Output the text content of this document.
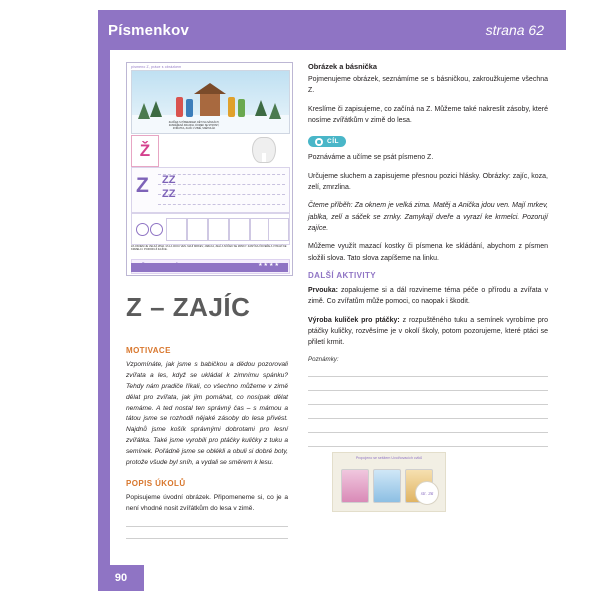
Písmenkov	strana 62
90
písmeno Z, práce s obrázkem
ZAJÍČEK S PÍSMENKEM, DĚTI NA SÁNKÁCH, ZASNĚŽENÁ KRAJINA, DOMEK SE STROMY, ZVÍŘATKA, ZAJÍC V ZIMĚ, SNĚHULÁK
Ž
Z ZZ
ZZ
ZA OKNEM JE VELKÁ ZIMA. M A A JDOU VEN. MAJÍ MRKEV, JABLKA, ZELÍ A SÓČEK SE ZRNKY. ZAMÝKAJÍ DVEŘE A VYRAZÍ KE KRMELCI. POZORUJÍ ZAJÍCE.
★★★★
Z – ZAJÍC
MOTIVACE

Vzpomínáte, jak jsme s babičkou a dědou pozorovali zvířata a les, když se ukládal k zimnímu spánku? Tehdy nám pradiče říkali, co všechno můžeme v zimě dělat pro zvířata, jak jim pomáhat, co nosípak dělat nemáme. A ted nostal ten správný čas – s mámou a tátou jsme se rozhodli nějaké zásoby do lesa přivést. Najdnů jsme košík správnými dobrotami pro lesní zvířátka. Také jsme vyrobili pro ptáčky kuličky z tuku a semínek. Pořádně jsme se oblékli a obuli si dobré boty, protože všude byl sníh, a vydali se směrem k lesu.

POPIS ÚKOLŮ

Popisujeme úvodní obrázek. Připomeneme si, co je a není vhodné nosit zvířátkům do lesa v zimě.

Obrázek a básnička

Pojmenujeme obrázek, seznámíme se s básničkou, zakroužkujeme všechna Z.

Kreslíme či zapisujeme, co začíná na Z. Můžeme také nakreslit zásoby, které nosíme zvířátkům v zimě do lesa.

CÍL

Poznáváme a učíme se psát písmeno Z.

Určujeme sluchem a zapisujeme přesnou pozici hlásky. Obrázky: zajíc, koza, zelí, zmrzlina.

Čteme příběh: Za oknem je velká zima. Matěj a Anička jdou ven. Mají mrkev, jablka, zelí a sáček se zrnky. Zamykají dveře a vyrazí ke krmelci. Pozorují zajíce.

Můžeme využít mazací kostky či písmena ke skládání, abychom z písmen složili slova. Tato slova zapíšeme na linku.

DALŠÍ AKTIVITY

Prvouka: zopakujeme si a dál rozvineme téma péče o přírodu a zvířata v zimě. Co zvířatům může pomoci, co naopak i škodit.

Výroba kuliček pro ptáčky: z rozpuštěného tuku a semínek vyrobíme pro ptáčky kuličky, rozvěsíme je v okolí školy, potom pozorujeme, které ptáci se přiletí krmit.

Poznámky:
Propojeno se sešitem Uvolňovacích cviků
str. 36
